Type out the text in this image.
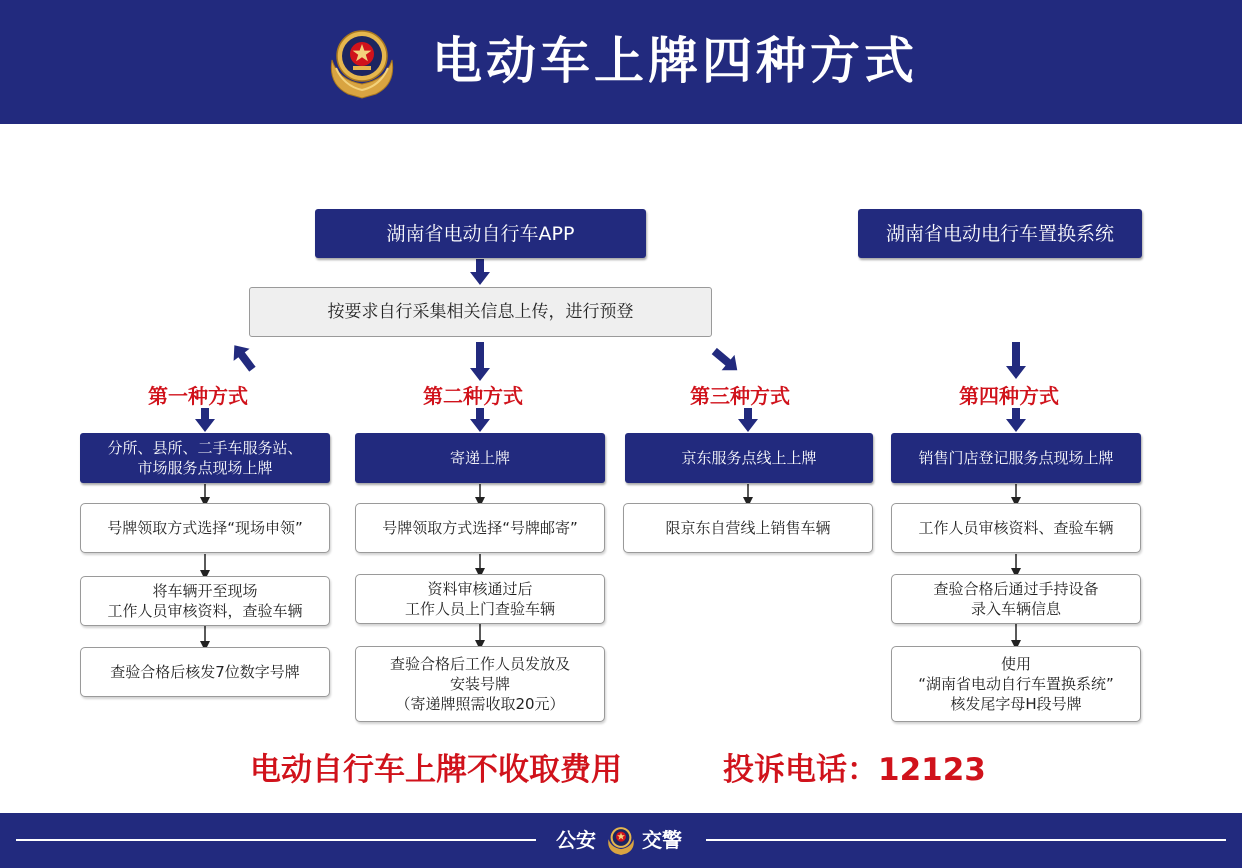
电动车上牌四种方式
湖南省电动自行车APP	湖南省电动电行车置换系统
按要求自行采集相关信息上传，进行预登
第一种方式	第二种方式	第三种方式	第四种方式
分所、县所、二手车服务站、
市场服务点现场上牌
号牌领取方式选择“现场申领”
将车辆开至现场
工作人员审核资料，查验车辆
查验合格后核发7位数字号牌
寄递上牌
号牌领取方式选择“号牌邮寄”
资料审核通过后
工作人员上门查验车辆
查验合格后工作人员发放及
安装号牌
（寄递牌照需收取20元）
京东服务点线上上牌
限京东自营线上销售车辆
销售门店登记服务点现场上牌
工作人员审核资料、查验车辆
查验合格后通过手持设备
录入车辆信息
使用
“湖南省电动自行车置换系统”
核发尾字母H段号牌
电动自行车上牌不收取费用	投诉电话：12123
公安 交警
